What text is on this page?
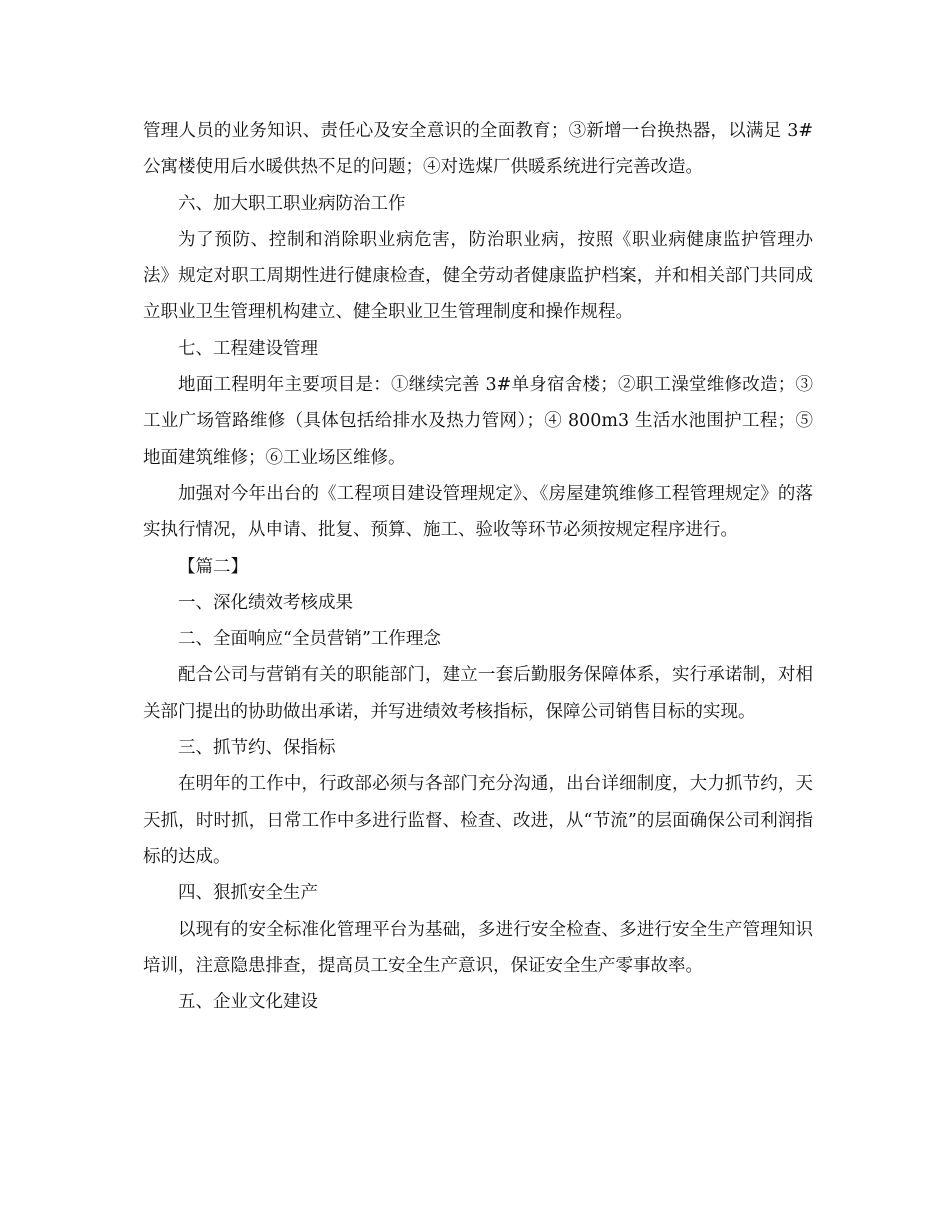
管理人员的业务知识、责任心及安全意识的全面教育；③新增一台换热器，以满足 3#公寓楼使用后水暖供热不足的问题；④对选煤厂供暖系统进行完善改造。

六、加大职工职业病防治工作

为了预防、控制和消除职业病危害，防治职业病，按照《职业病健康监护管理办法》规定对职工周期性进行健康检查，健全劳动者健康监护档案，并和相关部门共同成立职业卫生管理机构建立、健全职业卫生管理制度和操作规程。

七、工程建设管理

地面工程明年主要项目是：①继续完善 3#单身宿舍楼；②职工澡堂维修改造；③工业广场管路维修（具体包括给排水及热力管网）；④ 800m3 生活水池围护工程；⑤地面建筑维修；⑥工业场区维修。

加强对今年出台的《工程项目建设管理规定》、《房屋建筑维修工程管理规定》的落实执行情况，从申请、批复、预算、施工、验收等环节必须按规定程序进行。

【篇二】

一、深化绩效考核成果

二、全面响应“全员营销”工作理念

配合公司与营销有关的职能部门，建立一套后勤服务保障体系，实行承诺制，对相关部门提出的协助做出承诺，并写进绩效考核指标，保障公司销售目标的实现。

三、抓节约、保指标

在明年的工作中，行政部必须与各部门充分沟通，出台详细制度，大力抓节约，天天抓，时时抓，日常工作中多进行监督、检查、改进，从“节流”的层面确保公司利润指标的达成。

四、狠抓安全生产

以现有的安全标准化管理平台为基础，多进行安全检查、多进行安全生产管理知识培训，注意隐患排查，提高员工安全生产意识，保证安全生产零事故率。

五、企业文化建设
